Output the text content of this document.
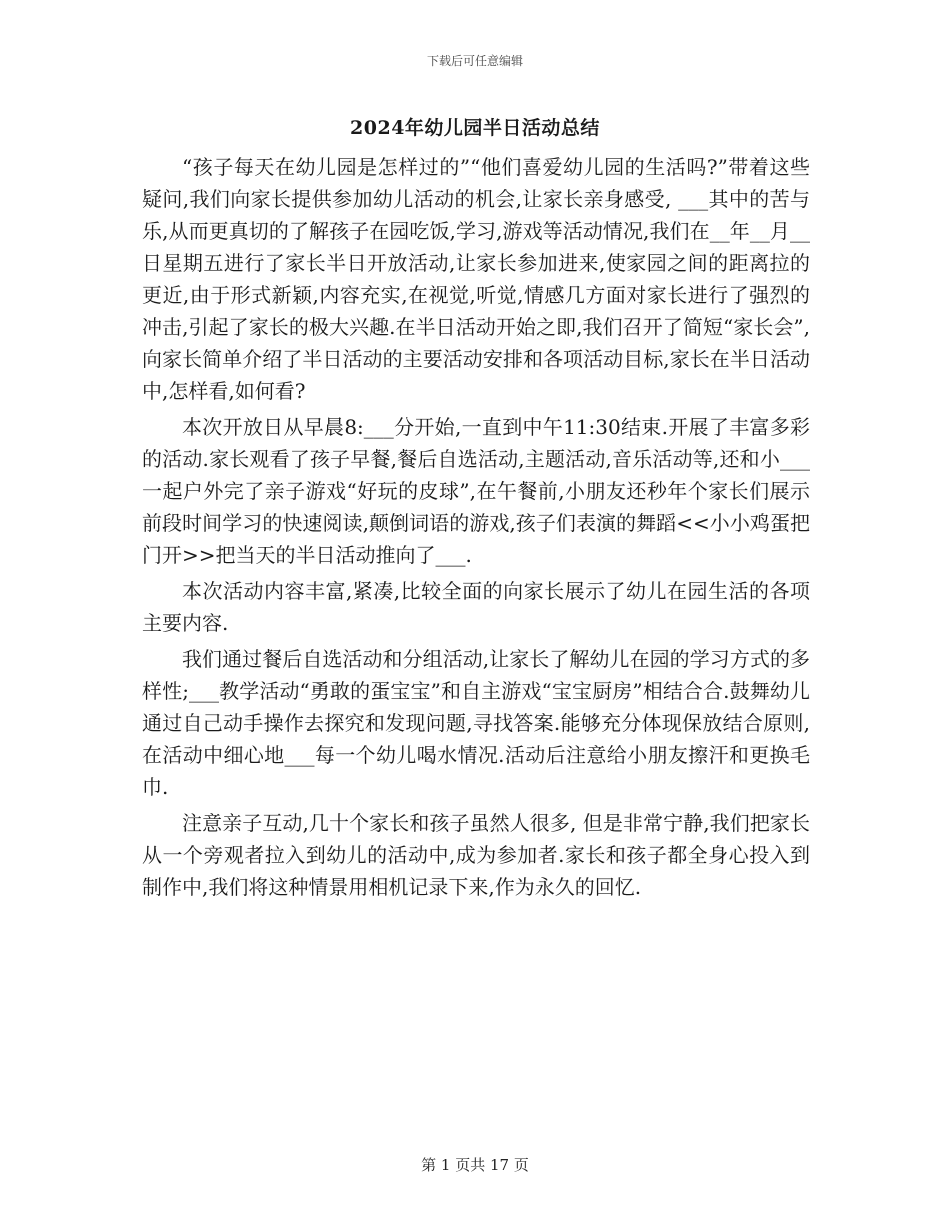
下载后可任意编辑
2024年幼儿园半日活动总结

“孩子每天在幼儿园是怎样过的”“他们喜爱幼儿园的生活吗?”带着这些疑问,我们向家长提供参加幼儿活动的机会,让家长亲身感受, ___其中的苦与乐,从而更真切的了解孩子在园吃饭,学习,游戏等活动情况,我们在__年__月__日星期五进行了家长半日开放活动,让家长参加进来,使家园之间的距离拉的更近,由于形式新颖,内容充实,在视觉,听觉,情感几方面对家长进行了强烈的冲击,引起了家长的极大兴趣.在半日活动开始之即,我们召开了简短“家长会”,向家长简单介绍了半日活动的主要活动安排和各项活动目标,家长在半日活动中,怎样看,如何看?

本次开放日从早晨8:___分开始,一直到中午11:30结束.开展了丰富多彩的活动.家长观看了孩子早餐,餐后自选活动,主题活动,音乐活动等,还和小___一起户外完了亲子游戏“好玩的皮球”,在午餐前,小朋友还秒年个家长们展示前段时间学习的快速阅读,颠倒词语的游戏,孩子们表演的舞蹈<<小小鸡蛋把门开>>把当天的半日活动推向了___.

本次活动内容丰富,紧凑,比较全面的向家长展示了幼儿在园生活的各项主要内容.

我们通过餐后自选活动和分组活动,让家长了解幼儿在园的学习方式的多样性;___教学活动“勇敢的蛋宝宝”和自主游戏“宝宝厨房”相结合合.鼓舞幼儿通过自己动手操作去探究和发现问题,寻找答案.能够充分体现保放结合原则,在活动中细心地___每一个幼儿喝水情况.活动后注意给小朋友擦汗和更换毛巾.

注意亲子互动,几十个家长和孩子虽然人很多, 但是非常宁静,我们把家长从一个旁观者拉入到幼儿的活动中,成为参加者.家长和孩子都全身心投入到制作中,我们将这种情景用相机记录下来,作为永久的回忆.

第 1 页共 17 页
